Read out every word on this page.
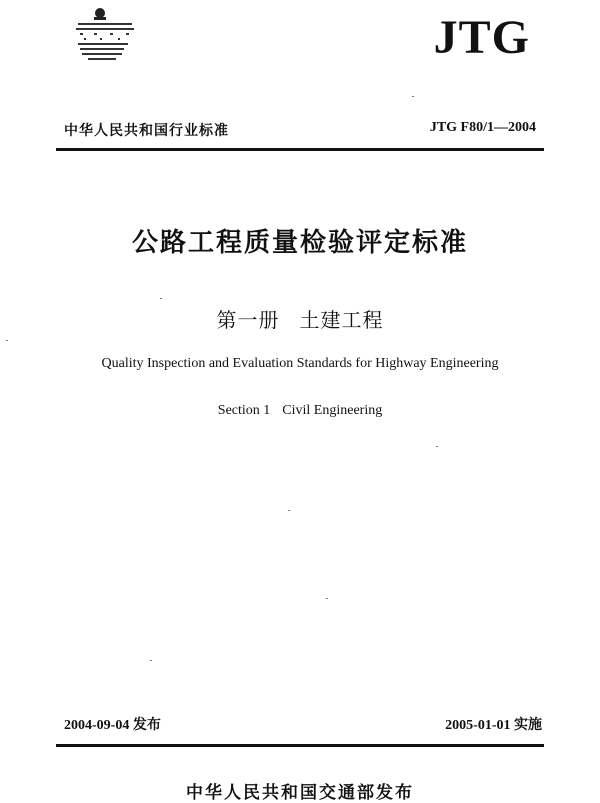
JTG
中华人民共和国行业标准	JTG F80/1—2004
公路工程质量检验评定标准
第一册 土建工程
Quality Inspection and Evaluation Standards for Highway Engineering
Section 1 Civil Engineering
2004-09-04 发布	2005-01-01 实施
中华人民共和国交通部发布
